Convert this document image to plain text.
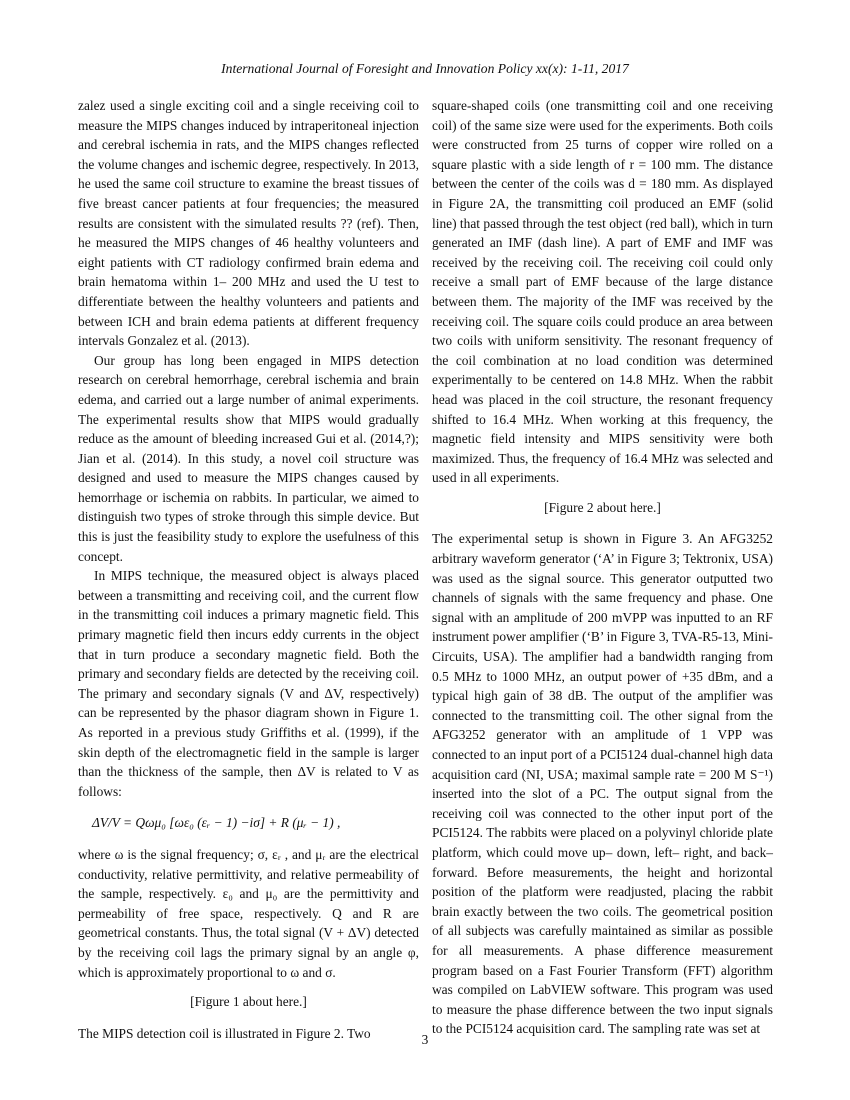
International Journal of Foresight and Innovation Policy xx(x): 1-11, 2017

zalez used a single exciting coil and a single receiving coil to measure the MIPS changes induced by intraperitoneal injection and cerebral ischemia in rats, and the MIPS changes reflected the volume changes and ischemic degree, respectively. In 2013, he used the same coil structure to examine the breast tissues of five breast cancer patients at four frequencies; the measured results are consistent with the simulated results ?? (ref). Then, he measured the MIPS changes of 46 healthy volunteers and eight patients with CT radiology confirmed brain edema and brain hematoma within 1– 200 MHz and used the U test to differentiate between the healthy volunteers and patients and between ICH and brain edema patients at different frequency intervals Gonzalez et al. (2013).

Our group has long been engaged in MIPS detection research on cerebral hemorrhage, cerebral ischemia and brain edema, and carried out a large number of animal experiments. The experimental results show that MIPS would gradually reduce as the amount of bleeding increased Gui et al. (2014,?); Jian et al. (2014). In this study, a novel coil structure was designed and used to measure the MIPS changes caused by hemorrhage or ischemia on rabbits. In particular, we aimed to distinguish two types of stroke through this simple device. But this is just the feasibility study to explore the usefulness of this concept.

In MIPS technique, the measured object is always placed between a transmitting and receiving coil, and the current flow in the transmitting coil induces a primary magnetic field. This primary magnetic field then incurs eddy currents in the object that in turn produce a secondary magnetic field. Both the primary and secondary fields are detected by the receiving coil. The primary and secondary signals (V and ΔV, respectively) can be represented by the phasor diagram shown in Figure 1. As reported in a previous study Griffiths et al. (1999), if the skin depth of the electromagnetic field in the sample is larger than the thickness of the sample, then ΔV is related to V as follows:

ΔV/V = Qωμ₀ [ωε₀ (εᵣ − 1) −iσ] + R (μᵣ − 1) ,

where ω is the signal frequency; σ, εᵣ , and μᵣ are the electrical conductivity, relative permittivity, and relative permeability of the sample, respectively. ε₀ and μ₀ are the permittivity and permeability of free space, respectively. Q and R are geometrical constants. Thus, the total signal (V + ΔV) detected by the receiving coil lags the primary signal by an angle φ, which is approximately proportional to ω and σ.

[Figure 1 about here.]

The MIPS detection coil is illustrated in Figure 2. Two

square-shaped coils (one transmitting coil and one receiving coil) of the same size were used for the experiments. Both coils were constructed from 25 turns of copper wire rolled on a square plastic with a side length of r = 100 mm. The distance between the center of the coils was d = 180 mm. As displayed in Figure 2A, the transmitting coil produced an EMF (solid line) that passed through the test object (red ball), which in turn generated an IMF (dash line). A part of EMF and IMF was received by the receiving coil. The receiving coil could only receive a small part of EMF because of the large distance between them. The majority of the IMF was received by the receiving coil. The square coils could produce an area between two coils with uniform sensitivity. The resonant frequency of the coil combination at no load condition was determined experimentally to be centered on 14.8 MHz. When the rabbit head was placed in the coil structure, the resonant frequency shifted to 16.4 MHz. When working at this frequency, the magnetic field intensity and MIPS sensitivity were both maximized. Thus, the frequency of 16.4 MHz was selected and used in all experiments.

[Figure 2 about here.]

The experimental setup is shown in Figure 3. An AFG3252 arbitrary waveform generator (‘A’ in Figure 3; Tektronix, USA) was used as the signal source. This generator outputted two channels of signals with the same frequency and phase. One signal with an amplitude of 200 mVPP was inputted to an RF instrument power amplifier (‘B’ in Figure 3, TVA-R5-13, Mini-Circuits, USA). The amplifier had a bandwidth ranging from 0.5 MHz to 1000 MHz, an output power of +35 dBm, and a typical high gain of 38 dB. The output of the amplifier was connected to the transmitting coil. The other signal from the AFG3252 generator with an amplitude of 1 VPP was connected to an input port of a PCI5124 dual-channel high data acquisition card (NI, USA; maximal sample rate = 200 M S⁻¹) inserted into the slot of a PC. The output signal from the receiving coil was connected to the other input port of the PCI5124. The rabbits were placed on a polyvinyl chloride plate platform, which could move up– down, left– right, and back– forward. Before measurements, the height and horizontal position of the platform were readjusted, placing the rabbit brain exactly between the two coils. The geometrical position of all subjects was carefully maintained as similar as possible for all measurements. A phase difference measurement program based on a Fast Fourier Transform (FFT) algorithm was compiled on LabVIEW software. This program was used to measure the phase difference between the two input signals to the PCI5124 acquisition card. The sampling rate was set at

3
